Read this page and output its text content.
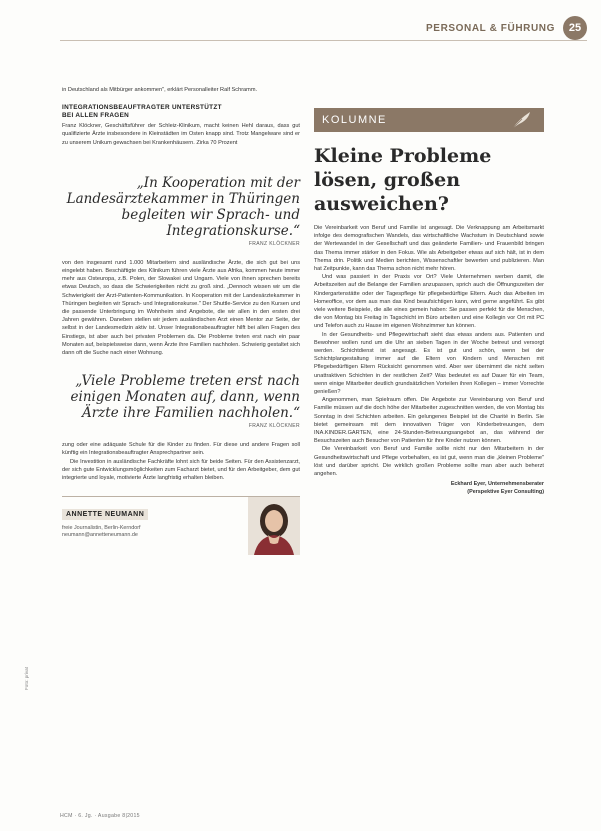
PERSONAL & FÜHRUNG	25

in Deutschland als Mitbürger ankommen", erklärt Personalleiter Ralf Schramm.

INTEGRATIONSBEAUFTRAGTER UNTERSTÜTZT
BEI ALLEN FRAGEN

Franz Klöckner, Geschäftsführer der Schleiz-Klinikum, macht keinen Hehl daraus, dass gut qualifizierte Ärzte insbesondere in Kleinstädten im Osten knapp sind. Trotz Mangelware sind er zu unserem Unikum gewachsen bei Krankenhäusern. Zirka 70 Prozent

„In Kooperation mit der Landesärztekammer in Thüringen begleiten wir Sprach- und Integrationskurse.“
FRANZ KLÖCKNER

von den insgesamt rund 1.000 Mitarbeitern sind ausländische Ärzte, die sich gut bei uns eingelebt haben. Beschäftigte des Klinikum führen viele Ärzte aus Afrika, kommen heute immer mehr aus Osteuropa, z.B. Polen, der Slowakei und Ungarn. Viele von ihnen sprechen bereits etwas Deutsch, so dass die Schwierigkeiten nicht zu groß sind. „Dennoch wissen wir um die Schwierigkeit der Arzt-Patienten-Kommunikation. In Kooperation mit der Landesärztekammer in Thüringen begleiten wir Sprach- und Integrationskurse." Der Shuttle-Service zu den Kursen und die passende Unterbringung im Wohnheim sind Angebote, die wir allen in den ersten drei Jahren gewähren. Daneben stellen wir jedem ausländischen Arzt einen Mentor zur Seite, der selbst in der Landesmedizin aktiv ist. Unser Integrationsbeauftragter hilft bei allen Fragen des Einstiegs, ist aber auch bei privaten Problemen da. Die Probleme treten erst nach ein paar Monaten auf, beispielsweise dann, wenn Ärzte ihre Familien nachholen. Schwierig gestaltet sich dann oft die Suche nach einer Wohnung.

„Viele Probleme treten erst nach einigen Monaten auf, dann, wenn Ärzte ihre Familien nachholen.“
FRANZ KLÖCKNER

zung oder eine adäquate Schule für die Kinder zu finden. Für diese und andere Fragen soll künftig ein Integrationsbeauftragter Ansprechpartner sein.

Die Investition in ausländische Fachkräfte lohnt sich für beide Seiten. Für den Assistenzarzt, der sich gute Entwicklungsmöglichkeiten zum Facharzt bietet, und für den Arbeitgeber, dem gut integrierte und loyale, motivierte Ärzte langfristig erhalten bleiben.

ANNETTE NEUMANN
freie Journalistin, Berlin-Kerndorf
neumann@annetteneumann.de
KOLUMNE
Kleine Probleme lösen, großen ausweichen?

Die Vereinbarkeit von Beruf und Familie ist angesagt. Die Verknappung am Arbeitsmarkt infolge des demografischen Wandels, das wirtschaftliche Wachstum in Deutschland sowie der Wertewandel in der Gesellschaft und das geänderte Familien- und Frauenbild bringen das Thema immer stärker in den Fokus. Wie als Arbeitgeber etwas auf sich hält, ist in dem Thema drin. Politik und Medien berichten, Wissenschaftler bewerten und publizieren. Man hat Zeitpunkte, kann das Thema schon nicht mehr hören.

Und was passiert in der Praxis vor Ort? Viele Unternehmen werben damit, die Arbeitszeiten auf die Belange der Familien anzupassen, sprich auch die Öffnungszeiten der Kindergartenstätte oder der Tagespflege für pflegebedürftige Eltern. Auch das Arbeiten im Homeoffice, vor dem aus man das Kind beaufsichtigen kann, wird gerne angeführt. Es gibt viele weitere Beispiele, die alle eines gemein haben: Sie passen perfekt für die Menschen, die von Montag bis Freitag in Tagschicht im Büro arbeiten und eine Kollegin vor Ort mit PC und Telefon auch zu Hause im eigenen Wohnzimmer tun können.

In der Gesundheits- und Pflegewirtschaft sieht das etwas anders aus. Patienten und Bewohner wollen rund um die Uhr an sieben Tagen in der Woche betreut und versorgt werden. Schichtdienst ist angesagt. Es ist gut und schön, wenn bei der Schichtplangestaltung immer auf die Eltern von Kindern und Menschen mit Pflegebedürftigen Eltern Rücksicht genommen wird. Aber wer übernimmt die nicht selten unattraktiven Schichten in der restlichen Zeit? Was bedeutet es auf Dauer für ein Team, wenn einige Mitarbeiter deutlich grundsätzlichen Vorteilen ihren Kollegen – immer Vorrechte genießen?

Angenommen, man Spielraum offen. Die Angebote zur Vereinbarung von Beruf und Familie müssen auf die doch höhe der Mitarbeiter zugeschnitten werden, die von Montag bis Sonntag in drei Schichten arbeiten. Ein gelungenes Beispiel ist die Charité in Berlin. Sie bietet gemeinsam mit dem innovativen Träger von Kinderbetreuungen, dem INA.KINDER.GARTEN, eine 24-Stunden-Betreuungsangebot an, das während der Besuchszeiten auch Besucher von Patienten für ihre Kinder nutzen können.

Die Vereinbarkeit von Beruf und Familie sollte nicht nur den Mitarbeitern in der Gesundheitswirtschaft und Pflege vorbehalten, es ist gut, wenn man die „kleinen Probleme" löst und darüber spricht. Die wirklich großen Probleme sollte man aber auch beherzt angehen.

Eckhard Eyer, Unternehmensberater
(Perspektive Eyer Consulting)
Foto: privat
HCM · 6. Jg. · Ausgabe 8|2015
